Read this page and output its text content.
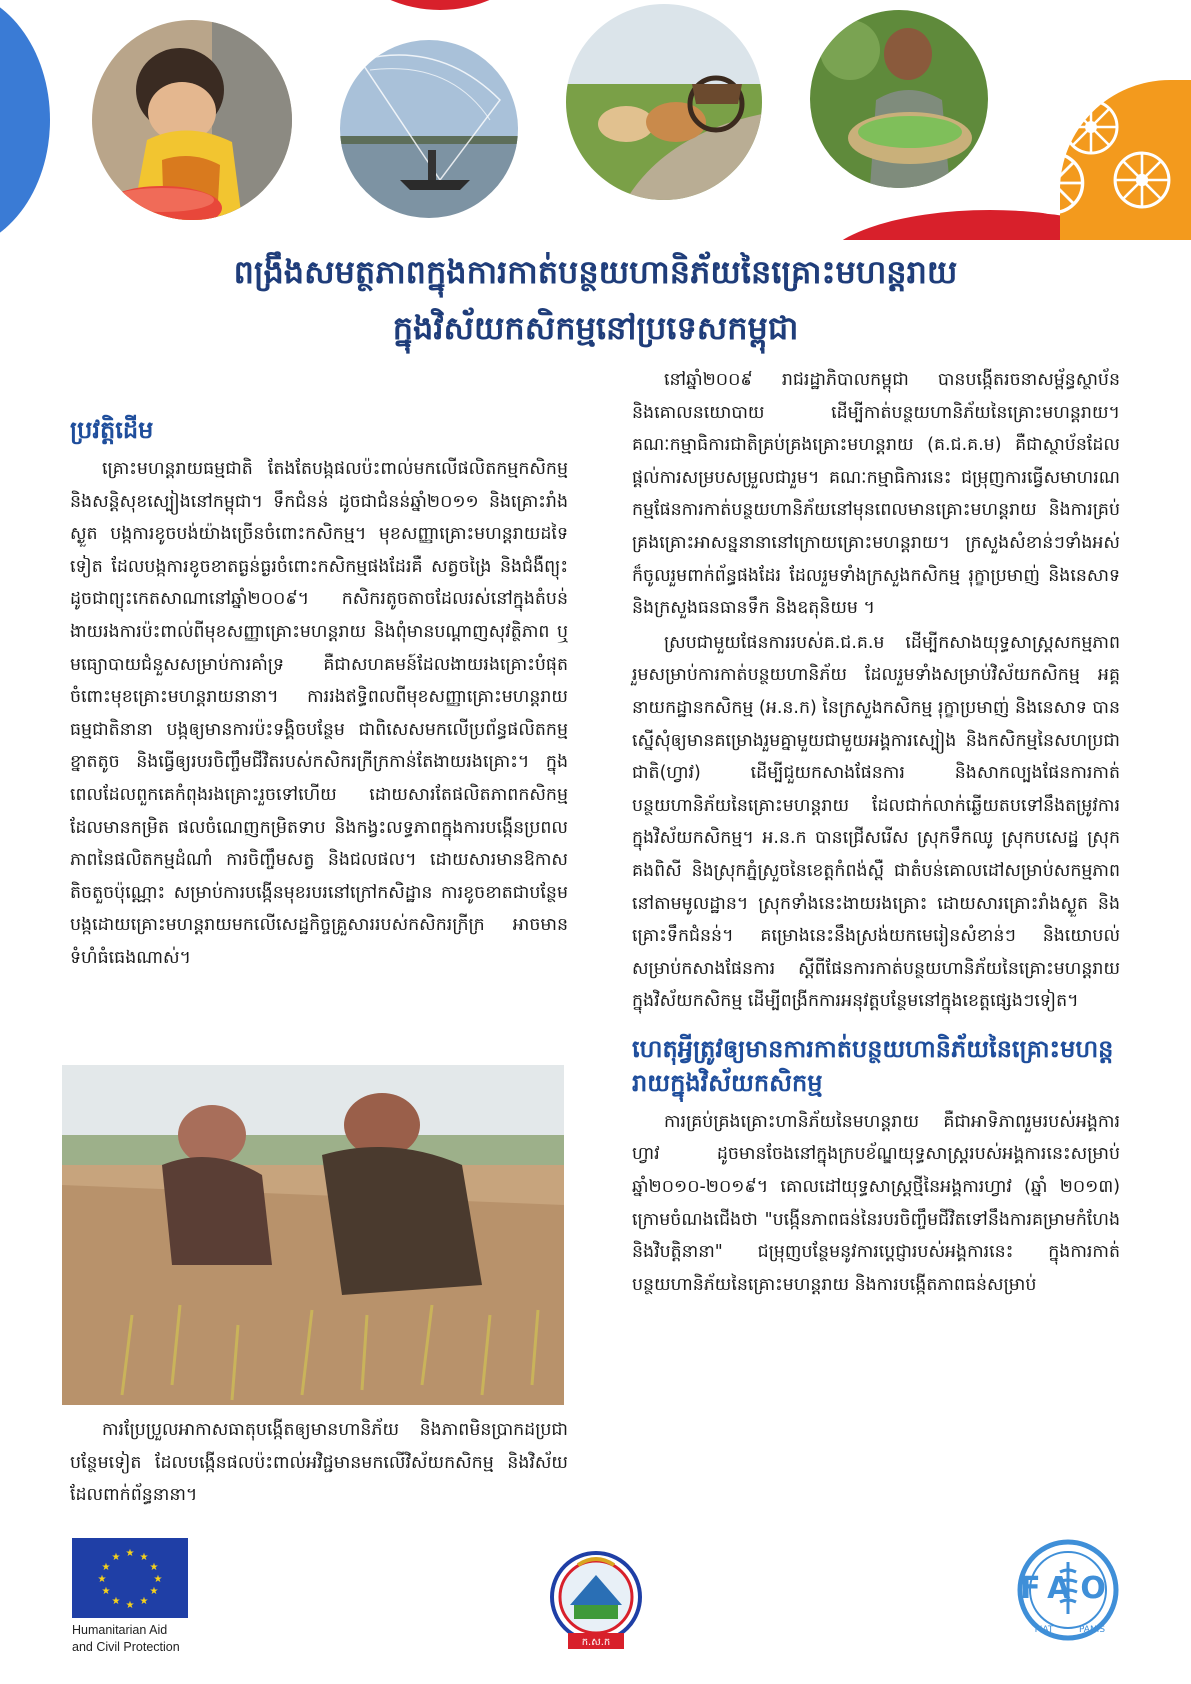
ពង្រឹងសមត្ថភាពក្នុងការកាត់បន្ថយហានិភ័យនៃគ្រោះមហន្តរាយ
ក្នុងវិស័យកសិកម្មនៅប្រទេសកម្ពុជា
ប្រវត្តិដើម

គ្រោះមហន្តរាយធម្មជាតិ តែងតែបង្កផលប៉ះពាល់មកលើផលិតកម្មកសិកម្ម និងសន្តិសុខស្បៀងនៅកម្ពុជា។ ទឹកជំនន់ ដូចជាជំនន់ឆ្នាំ២០១១ និងគ្រោះរាំងស្ងួត បង្កការខូចបង់យ៉ាងច្រើនចំពោះកសិកម្ម។ មុខសញ្ញាគ្រោះមហន្តរាយដទៃទៀត ដែលបង្កការខូចខាតធ្ងន់ធ្ងរចំពោះកសិកម្មផងដែរគឺ សត្វចង្រៃ និងជំងឺព្យុះ ដូចជាព្យុះកេតសាណានៅឆ្នាំ២០០៩។ កសិករតូចតាចដែលរស់នៅក្នុងតំបន់ងាយរងការប៉ះពាល់ពីមុខសញ្ញាគ្រោះមហន្តរាយ និងពុំមានបណ្ដាញសុវត្ថិភាព ឬមធ្យោបាយជំនួសសម្រាប់ការគាំទ្រ គឺជាសហគមន៍ដែលងាយរងគ្រោះបំផុតចំពោះមុខគ្រោះមហន្តរាយនានា។ ការរងឥទ្ធិពលពីមុខសញ្ញាគ្រោះមហន្តរាយធម្មជាតិនានា បង្កឲ្យមានការប៉ះទង្គិចបន្ថែម ជាពិសេសមកលើប្រព័ន្ធផលិតកម្មខ្នាតតូច និងធ្វើឲ្យរបរចិញ្ចឹមជីវិតរបស់កសិករក្រីក្រកាន់តែងាយរងគ្រោះ។ ក្នុងពេលដែលពួកគេកំពុងរងគ្រោះរួចទៅហើយ ដោយសារតែផលិតភាពកសិកម្មដែលមានកម្រិត ផលចំណេញកម្រិតទាប និងកង្វះលទ្ធភាពក្នុងការបង្កើនប្រពលភាពនៃផលិតកម្មដំណាំ ការចិញ្ចឹមសត្វ និងជលផល។ ដោយសារមានឱកាសតិចតួចប៉ុណ្ណោះ សម្រាប់ការបង្កើនមុខរបរនៅក្រៅកសិដ្ឋាន ការខូចខាតជាបន្ថែម បង្កដោយគ្រោះមហន្តរាយមកលើសេដ្ឋកិច្ចគ្រួសាររបស់កសិករក្រីក្រ អាចមានទំហំធំធេងណាស់។

ការប្រែប្រួលអាកាសធាតុបង្កើតឲ្យមានហានិភ័យ និងភាពមិនប្រាកដប្រជាបន្ថែមទៀត ដែលបង្កើនផលប៉ះពាល់អវិជ្ជមានមកលើវិស័យកសិកម្ម និងវិស័យដែលពាក់ព័ន្ធនានា។

នៅឆ្នាំ២០០៩ រាជរដ្ឋាភិបាលកម្ពុជា បានបង្កើតរចនាសម្ព័ន្ធស្ថាប័ន និងគោលនយោបាយ ដើម្បីកាត់បន្ថយហានិភ័យនៃគ្រោះមហន្តរាយ។ គណៈកម្មាធិការជាតិគ្រប់គ្រងគ្រោះមហន្តរាយ (គ.ជ.គ.ម) គឺជាស្ថាប័នដែលផ្ដល់ការសម្របសម្រួលជារួម។ គណៈកម្មាធិការនេះ ជម្រុញការធ្វើសមាហរណកម្មផែនការកាត់បន្ថយហានិភ័យនៅមុនពេលមានគ្រោះមហន្តរាយ និងការគ្រប់គ្រងគ្រោះអាសន្ននានានៅក្រោយគ្រោះមហន្តរាយ។ ក្រសួងសំខាន់ៗទាំងអស់ក៏ចូលរួមពាក់ព័ន្ធផងដែរ ដែលរួមទាំងក្រសួងកសិកម្ម រុក្ខាប្រមាញ់ និងនេសាទ និងក្រសួងធនធានទឹក និងឧតុនិយម ។

ស្របជាមួយផែនការរបស់គ.ជ.គ.ម ដើម្បីកសាងយុទ្ធសាស្ត្រសកម្មភាពរួមសម្រាប់ការកាត់បន្ថយហានិភ័យ ដែលរួមទាំងសម្រាប់វិស័យកសិកម្ម អគ្គនាយកដ្ឋានកសិកម្ម (អ.ន.ក) នៃក្រសួងកសិកម្ម រុក្ខាប្រមាញ់ និងនេសាទ បានស្នើសុំឲ្យមានគម្រោងរួមគ្នាមួយជាមួយអង្គការស្បៀង និងកសិកម្មនៃសហប្រជាជាតិ(ហ្វាវ) ដើម្បីជួយកសាងផែនការ និងសាកល្បងផែនការកាត់បន្ថយហានិភ័យនៃគ្រោះមហន្តរាយ ដែលជាក់លាក់ឆ្លើយតបទៅនឹងតម្រូវការក្នុងវិស័យកសិកម្ម។ អ.ន.ក បានជ្រើសរើស ស្រុកទឹកឈូ ស្រុកបសេដ្ឋ ស្រុកគងពិសី និងស្រុកភ្នំស្រួចនៃខេត្តកំពង់ស្ពឺ ជាតំបន់គោលដៅសម្រាប់សកម្មភាពនៅតាមមូលដ្ឋាន។ ស្រុកទាំងនេះងាយរងគ្រោះ ដោយសារគ្រោះរាំងស្ងួត និងគ្រោះទឹកជំនន់។ គម្រោងនេះនឹងស្រង់យកមេរៀនសំខាន់ៗ និងយោបល់សម្រាប់កសាងផែនការ ស្ដីពីផែនការកាត់បន្ថយហានិភ័យនៃគ្រោះមហន្តរាយក្នុងវិស័យកសិកម្ម ដើម្បីពង្រីកការអនុវត្តបន្ថែមនៅក្នុងខេត្តផ្សេងៗទៀត។

ហេតុអ្វីត្រូវឲ្យមានការកាត់បន្ថយហានិភ័យនៃគ្រោះមហន្តរាយក្នុងវិស័យកសិកម្ម

ការគ្រប់គ្រងគ្រោះហានិភ័យនៃមហន្តរាយ គឺជាអាទិភាពរួមរបស់អង្គការហ្វាវ ដូចមានចែងនៅក្នុងក្របខ័ណ្ឌយុទ្ធសាស្ត្ររបស់អង្គការនេះសម្រាប់ឆ្នាំ២០១០-២០១៩។ គោលដៅយុទ្ធសាស្ត្រថ្មីនៃអង្គការហ្វាវ (ឆ្នាំ ២០១៣) ក្រោមចំណងជើងថា "បង្កើនភាពធន់នៃរបរចិញ្ចឹមជីវិតទៅនឹងការគម្រាមកំហែង និងវិបត្តិនានា" ជម្រុញបន្ថែមនូវការប្ដេជ្ញារបស់អង្គការនេះ ក្នុងការកាត់បន្ថយហានិភ័យនៃគ្រោះមហន្តរាយ និងការបង្កើតភាពធន់សម្រាប់

★ ★
★
★
★
★
★
★
★
★
★
★
Humanitarian Aid
and Civil Protection	ក.ស.ក
FAO
FIAT	PANIS
